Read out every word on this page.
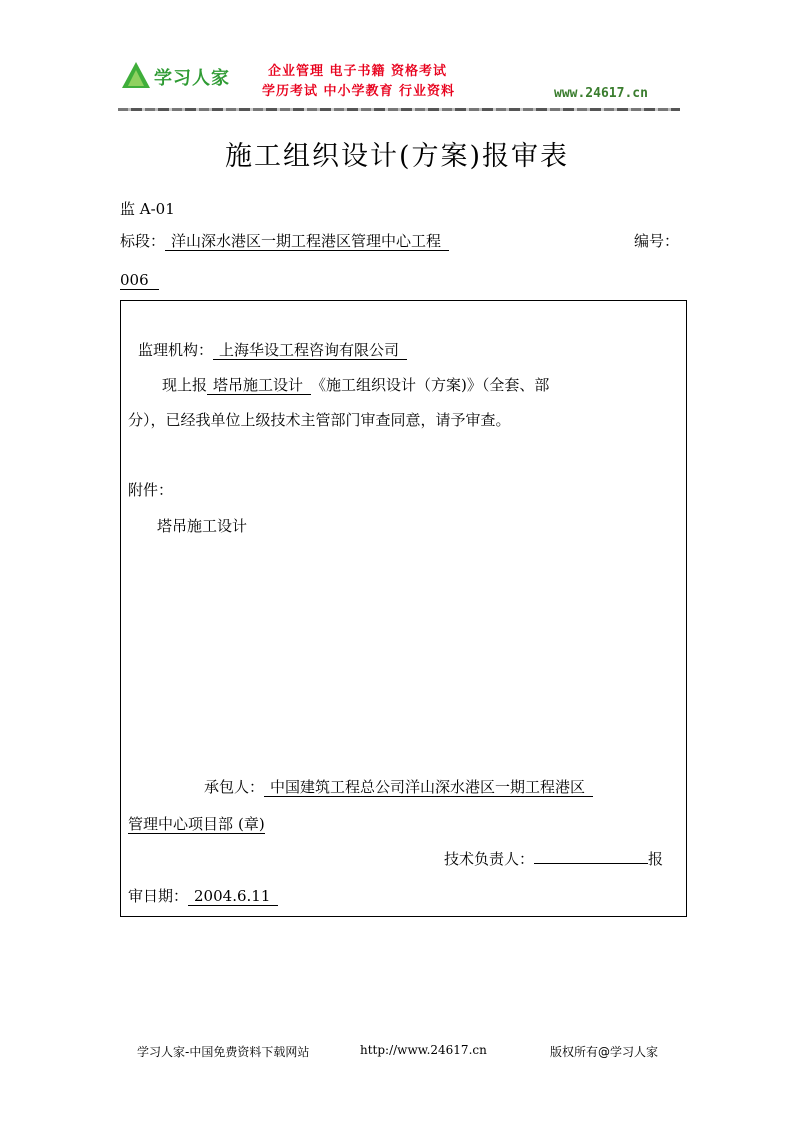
学习人家	企业管理 电子书籍 资格考试
学历考试 中小学教育 行业资料	www.24617.cn
施工组织设计(方案)报审表
监 A-01
标段： 洋山深水港区一期工程港区管理中心工程	编号：
006
监理机构： 上海华设工程咨询有限公司
现上报 塔吊施工设计 《施工组织设计（方案)》（全套、部
分），已经我单位上级技术主管部门审查同意，请予审查。
附件：
塔吊施工设计
承包人： 中国建筑工程总公司洋山深水港区一期工程港区
管理中心项目部 (章)
技术负责人：	报
审日期： 2004.6.11
学习人家-中国免费资料下载网站	http://www.24617.cn	版权所有@学习人家
